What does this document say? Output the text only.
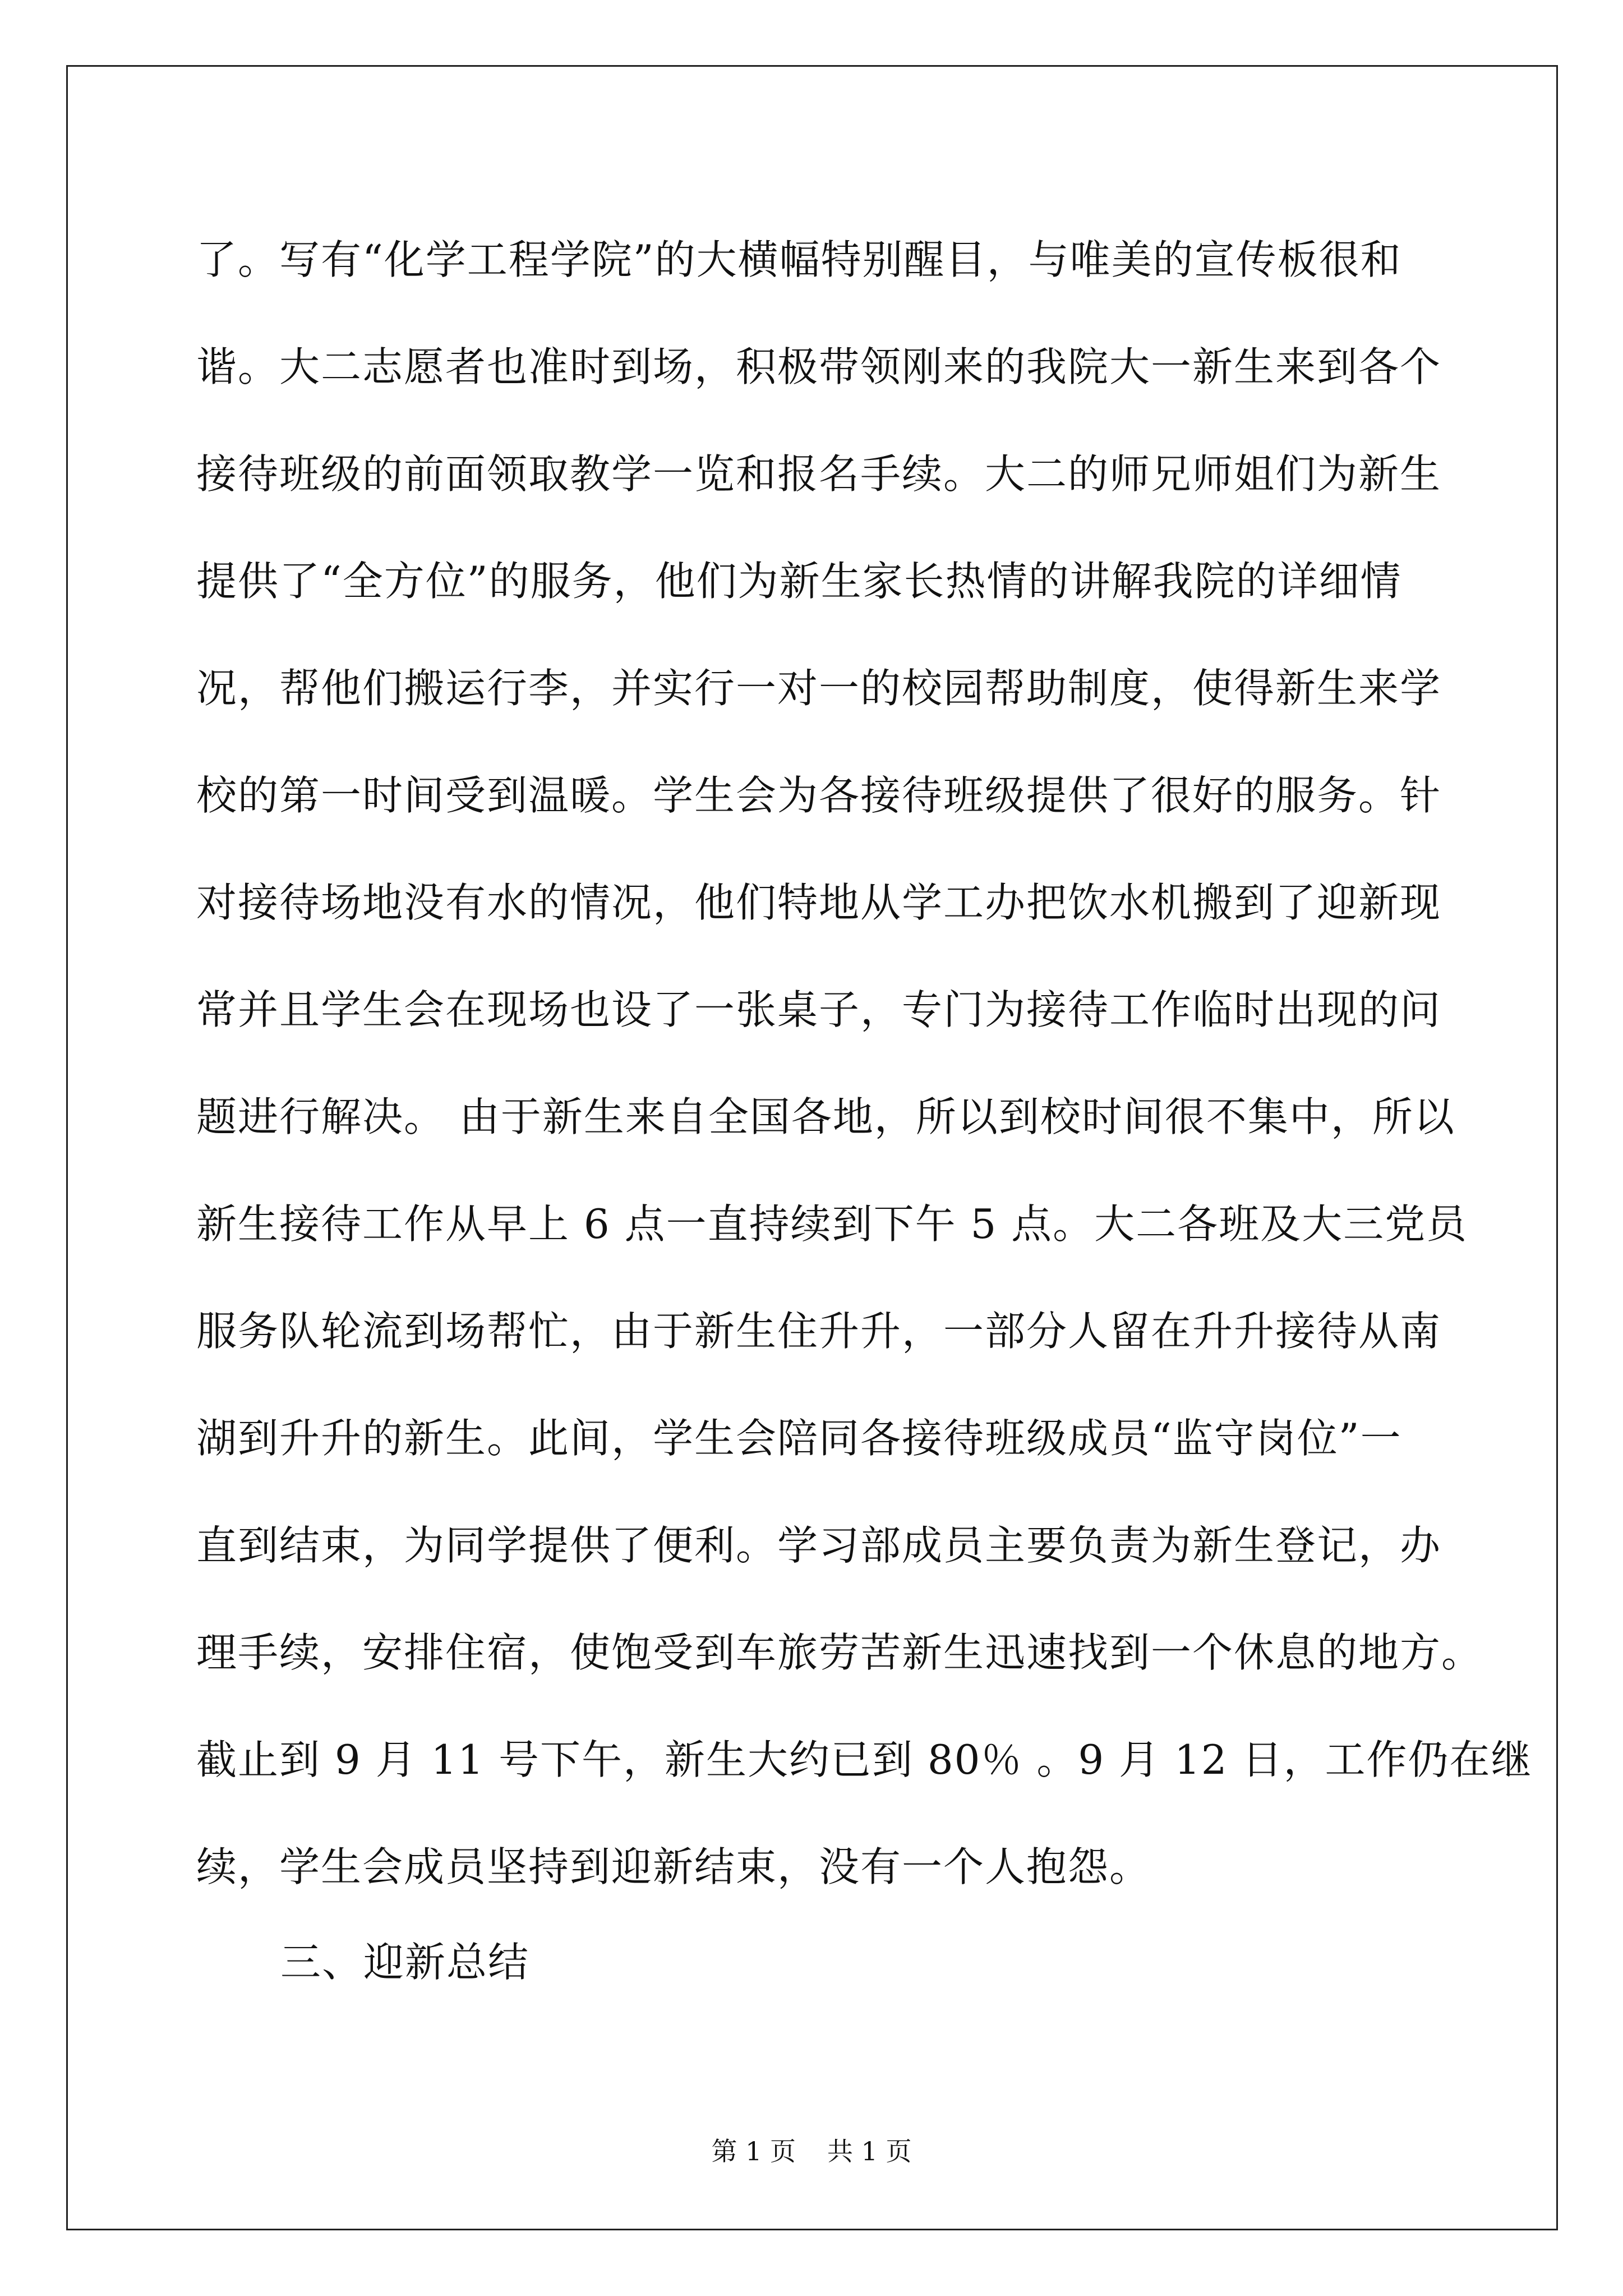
了。写有“化学工程学院”的大横幅特别醒目，与唯美的宣传板很和
谐。大二志愿者也准时到场，积极带领刚来的我院大一新生来到各个
接待班级的前面领取教学一览和报名手续。大二的师兄师姐们为新生
提供了“全方位”的服务，他们为新生家长热情的讲解我院的详细情
况，帮他们搬运行李，并实行一对一的校园帮助制度，使得新生来学
校的第一时间受到温暖。学生会为各接待班级提供了很好的服务。针
对接待场地没有水的情况，他们特地从学工办把饮水机搬到了迎新现
常并且学生会在现场也设了一张桌子，专门为接待工作临时出现的问
题进行解决。 由于新生来自全国各地，所以到校时间很不集中，所以
新生接待工作从早上 6 点一直持续到下午 5 点。大二各班及大三党员
服务队轮流到场帮忙，由于新生住升升，一部分人留在升升接待从南
湖到升升的新生。此间，学生会陪同各接待班级成员“监守岗位”一
直到结束，为同学提供了便利。学习部成员主要负责为新生登记，办
理手续，安排住宿，使饱受到车旅劳苦新生迅速找到一个休息的地方。
截止到 9 月 11 号下午，新生大约已到 80％ 。9 月 12 日，工作仍在继
续，学生会成员坚持到迎新结束，没有一个人抱怨。
三、迎新总结
第 1 页 共 1 页
